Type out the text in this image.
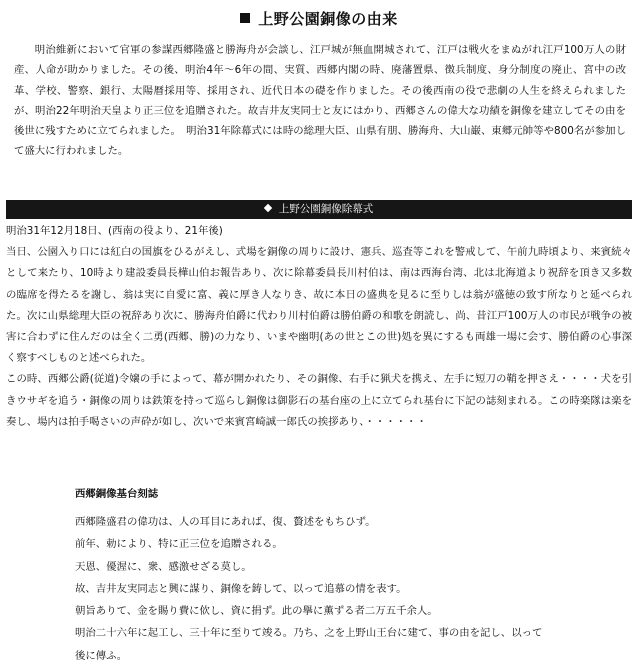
上野公園銅像の由来

明治維新において官軍の参謀西郷隆盛と勝海舟が会談し、江戸城が無血開城されて、江戸は戦火をまぬがれ江戸100万人の財産、人命が助かりました。その後、明治4年～6年の間、実質、西郷内閣の時、廃藩置県、徴兵制度、身分制度の廃止、宮中の改革、学校、警察、銀行、太陽暦採用等、採用され、近代日本の礎を作りました。その後西南の役で悲劇の人生を終えられましたが、明治22年明治天皇より正三位を追贈された。故吉井友実同士と友にはかり、西郷さんの偉大な功績を銅像を建立してその由を後世に残すために立てられました。　明治31年除幕式には時の総理大臣、山県有朋、勝海舟、大山巌、東郷元帥等や800名が参加して盛大に行われました。

上野公園銅像除幕式

明治31年12月18日、(西南の役より、21年後)

当日、公園入り口には紅白の国旗をひるがえし、式場を銅像の周りに設け、憲兵、巡査等これを警戒して、午前九時頃より、来賓続々として来たり、10時より建設委員長樺山伯お報告あり、次に除幕委員長川村伯は、南は西海台湾、北は北海道より祝辞を頂き又多数の臨席を得たるを謝し、翁は実に自愛に富、義に厚き人なりき、故に本日の盛典を見るに至りしは翁が盛徳の致す所なりと延べられた。次に山県総理大臣の祝辞あり次に、勝海舟伯爵に代わり川村伯爵は勝伯爵の和歌を朗読し、尚、昔江戸100万人の市民が戦争の被害に合わずに住んだのは全く二勇(西郷、勝)の力なり、いまや幽明(あの世とこの世)処を異にするも両雄一場に会す、勝伯爵の心事深く察すべしものと述べられた。

この時、西郷公爵(従道)令嬢の手によって、幕が開かれたり、その銅像、右手に猟犬を携え、左手に短刀の鞘を押さえ・・・・犬を引きウサギを追う・銅像の周りは鉄策を持って巡らし銅像は御影石の基台座の上に立てられ基台に下記の誌刻まれる。この時楽隊は楽を奏し、場内は拍手喝さいの声砕が如し、次いで来賓宮崎誠一郎氏の挨拶あり、・・・・・・

西郷銅像基台刻誌

西郷隆盛君の偉功は、人の耳目にあれば、復、贅述をもちひず。

前年、勅により、特に正三位を追贈される。

天恩、優渥に、衆、感激せざる莫し。

故、吉井友実同志と興に謀り、銅像を鋳して、以って追慕の情を表す。

朝旨ありて、金を賜り費に佽し、資に捐ず。此の擧に薫ずる者二万五千余人。

明治二十六年に起工し、三十年に至りて竣る。乃ち、之を上野山王台に建て、事の由を記し、以って

後に傳ふ。
